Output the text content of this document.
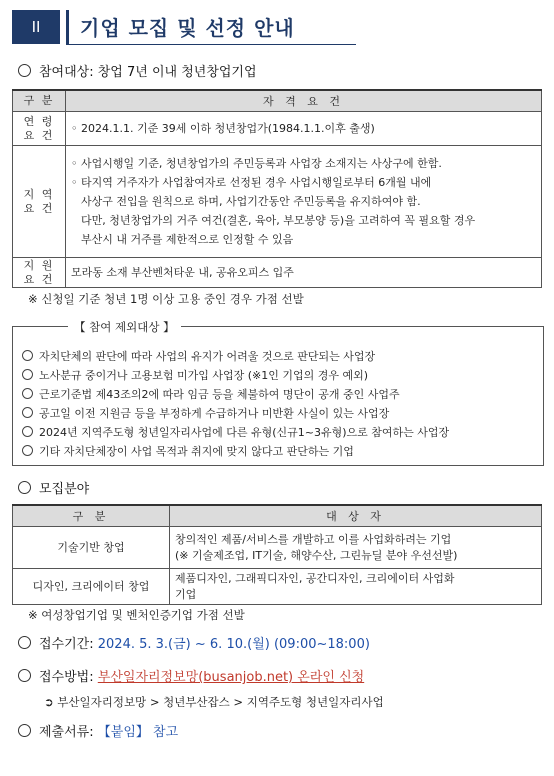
II	기업 모집 및 선정 안내
참여대상: 창업 7년 이내 청년창업기업
구 분	자 격 요 건
연 령 요 건	◦ 2024.1.1. 기준 39세 이하 청년창업가(1984.1.1.이후 출생)

지 역 요 건	◦ 사업시행일 기준, 청년창업가의 주민등록과 사업장 소재지는 사상구에 한함.
◦ 타지역 거주자가 사업참여자로 선정된 경우 사업시행일로부터 6개월 내에
사상구 전입을 원칙으로 하며, 사업기간동안 주민등록을 유지하여야 함.
다만, 청년창업가의 거주 여건(결혼, 육아, 부모봉양 등)을 고려하여 꼭 필요할 경우
부산시 내 거주를 제한적으로 인정할 수 있음

지 원 요 건	모라동 소재 부산벤처타운 내, 공유오피스 입주
※ 신청일 기준 청년 1명 이상 고용 중인 경우 가점 선발
【 참여 제외대상 】
자치단체의 판단에 따라 사업의 유지가 어려울 것으로 판단되는 사업장
노사분규 중이거나 고용보험 미가입 사업장 (※1인 기업의 경우 예외)
근로기준법 제43조의2에 따라 임금 등을 체불하여 명단이 공개 중인 사업주
공고일 이전 지원금 등을 부정하게 수급하거나 미반환 사실이 있는 사업장
2024년 지역주도형 청년일자리사업에 다른 유형(신규1~3유형)으로 참여하는 사업장
기타 자치단체장이 사업 목적과 취지에 맞지 않다고 판단하는 기업
모집분야
구 분	대 상 자
기술기반 창업	창의적인 제품/서비스를 개발하고 이를 사업화하려는 기업
(※ 기술제조업, IT기술, 해양수산, 그린뉴딜 분야 우선선발)

디자인, 크리에이터 창업	제품디자인, 그래픽디자인, 공간디자인, 크리에이터 사업화
기업
※ 여성창업기업 및 벤처인증기업 가점 선발
접수기간: 2024. 5. 3.(금) ~ 6. 10.(월) (09:00~18:00)
접수방법: 부산일자리정보망(busanjob.net) 온라인 신청
➲ 부산일자리정보망 > 청년부산잡스 > 지역주도형 청년일자리사업
제출서류: 【붙임】 참고
